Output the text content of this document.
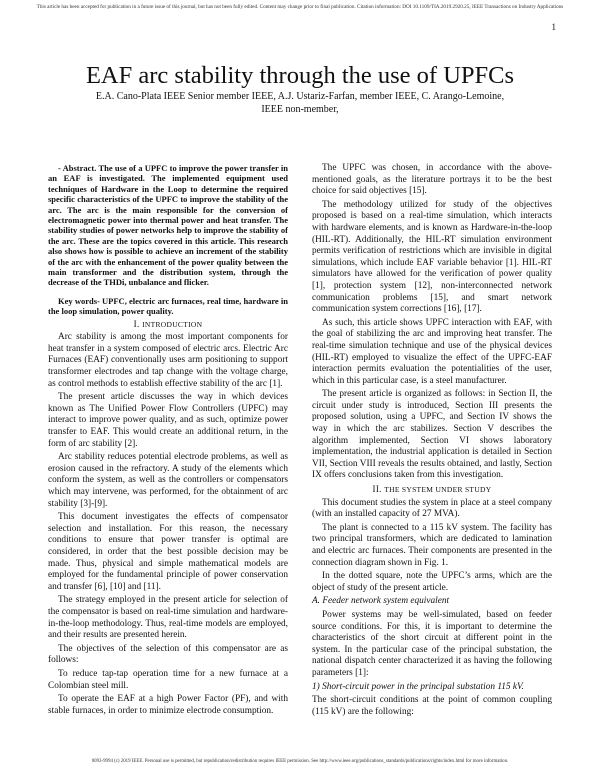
This article has been accepted for publication in a future issue of this journal, but has not been fully edited. Content may change prior to final publication. Citation information: DOI 10.1109/TIA.2019.2920.25, IEEE Transactions on Industry Applications
1
EAF arc stability through the use of UPFCs
E.A. Cano-Plata IEEE Senior member IEEE, A.J. Ustariz-Farfan, member IEEE, C. Arango-Lemoine, IEEE non-member,

- Abstract. The use of a UPFC to improve the power transfer in an EAF is investigated. The implemented equipment used techniques of Hardware in the Loop to determine the required specific characteristics of the UPFC to improve the stability of the arc. The arc is the main responsible for the conversion of electromagnetic power into thermal power and heat transfer. The stability studies of power networks help to improve the stability of the arc. These are the topics covered in this article. This research also shows how is possible to achieve an increment of the stability of the arc with the enhancement of the power quality between the main transformer and the distribution system, through the decrease of the THDi, unbalance and flicker.

Key words- UPFC, electric arc furnaces, real time, hardware in the loop simulation, power quality.

I. INTRODUCTION

Arc stability is among the most important components for heat transfer in a system composed of electric arcs. Electric Arc Furnaces (EAF) conventionally uses arm positioning to support transformer electrodes and tap change with the voltage charge, as control methods to establish effective stability of the arc [1].

The present article discusses the way in which devices known as The Unified Power Flow Controllers (UPFC) may interact to improve power quality, and as such, optimize power transfer to EAF. This would create an additional return, in the form of arc stability [2].

Arc stability reduces potential electrode problems, as well as erosion caused in the refractory. A study of the elements which conform the system, as well as the controllers or compensators which may intervene, was performed, for the obtainment of arc stability [3]-[9].

This document investigates the effects of compensator selection and installation. For this reason, the necessary conditions to ensure that power transfer is optimal are considered, in order that the best possible decision may be made. Thus, physical and simple mathematical models are employed for the fundamental principle of power conservation and transfer [6], [10] and [11].

The strategy employed in the present article for selection of the compensator is based on real-time simulation and hardware-in-the-loop methodology. Thus, real-time models are employed, and their results are presented herein.

The objectives of the selection of this compensator are as follows:

To reduce tap-tap operation time for a new furnace at a Colombian steel mill.

To operate the EAF at a high Power Factor (PF), and with stable furnaces, in order to minimize electrode consumption.

The UPFC was chosen, in accordance with the above-mentioned goals, as the literature portrays it to be the best choice for said objectives [15].

The methodology utilized for study of the objectives proposed is based on a real-time simulation, which interacts with hardware elements, and is known as Hardware-in-the-loop (HIL-RT). Additionally, the HIL-RT simulation environment permits verification of restrictions which are invisible in digital simulations, which include EAF variable behavior [1]. HIL-RT simulators have allowed for the verification of power quality [1], protection system [12], non-interconnected network communication problems [15], and smart network communication system corrections [16], [17].

As such, this article shows UPFC interaction with EAF, with the goal of stabilizing the arc and improving heat transfer. The real-time simulation technique and use of the physical devices (HIL-RT) employed to visualize the effect of the UPFC-EAF interaction permits evaluation the potentialities of the user, which in this particular case, is a steel manufacturer.

The present article is organized as follows: in Section II, the circuit under study is introduced, Section III presents the proposed solution, using a UPFC, and Section IV shows the way in which the arc stabilizes. Section V describes the algorithm implemented, Section VI shows laboratory implementation, the industrial application is detailed in Section VII, Section VIII reveals the results obtained, and lastly, Section IX offers conclusions taken from this investigation.

II. THE SYSTEM UNDER STUDY

This document studies the system in place at a steel company (with an installed capacity of 27 MVA).

The plant is connected to a 115 kV system. The facility has two principal transformers, which are dedicated to lamination and electric arc furnaces. Their components are presented in the connection diagram shown in Fig. 1.

In the dotted square, note the UPFC’s arms, which are the object of study of the present article.

A. Feeder network system equivalent

Power systems may be well-simulated, based on feeder source conditions. For this, it is important to determine the characteristics of the short circuit at different point in the system. In the particular case of the principal substation, the national dispatch center characterized it as having the following parameters [1]:

1) Short-circuit power in the principal substation 115 kV.

The short-circuit conditions at the point of common coupling (115 kV) are the following:

0093-9994 (c) 2019 IEEE. Personal use is permitted, but republication/redistribution requires IEEE permission. See http://www.ieee.org/publications_standards/publications/rights/index.html for more information.
